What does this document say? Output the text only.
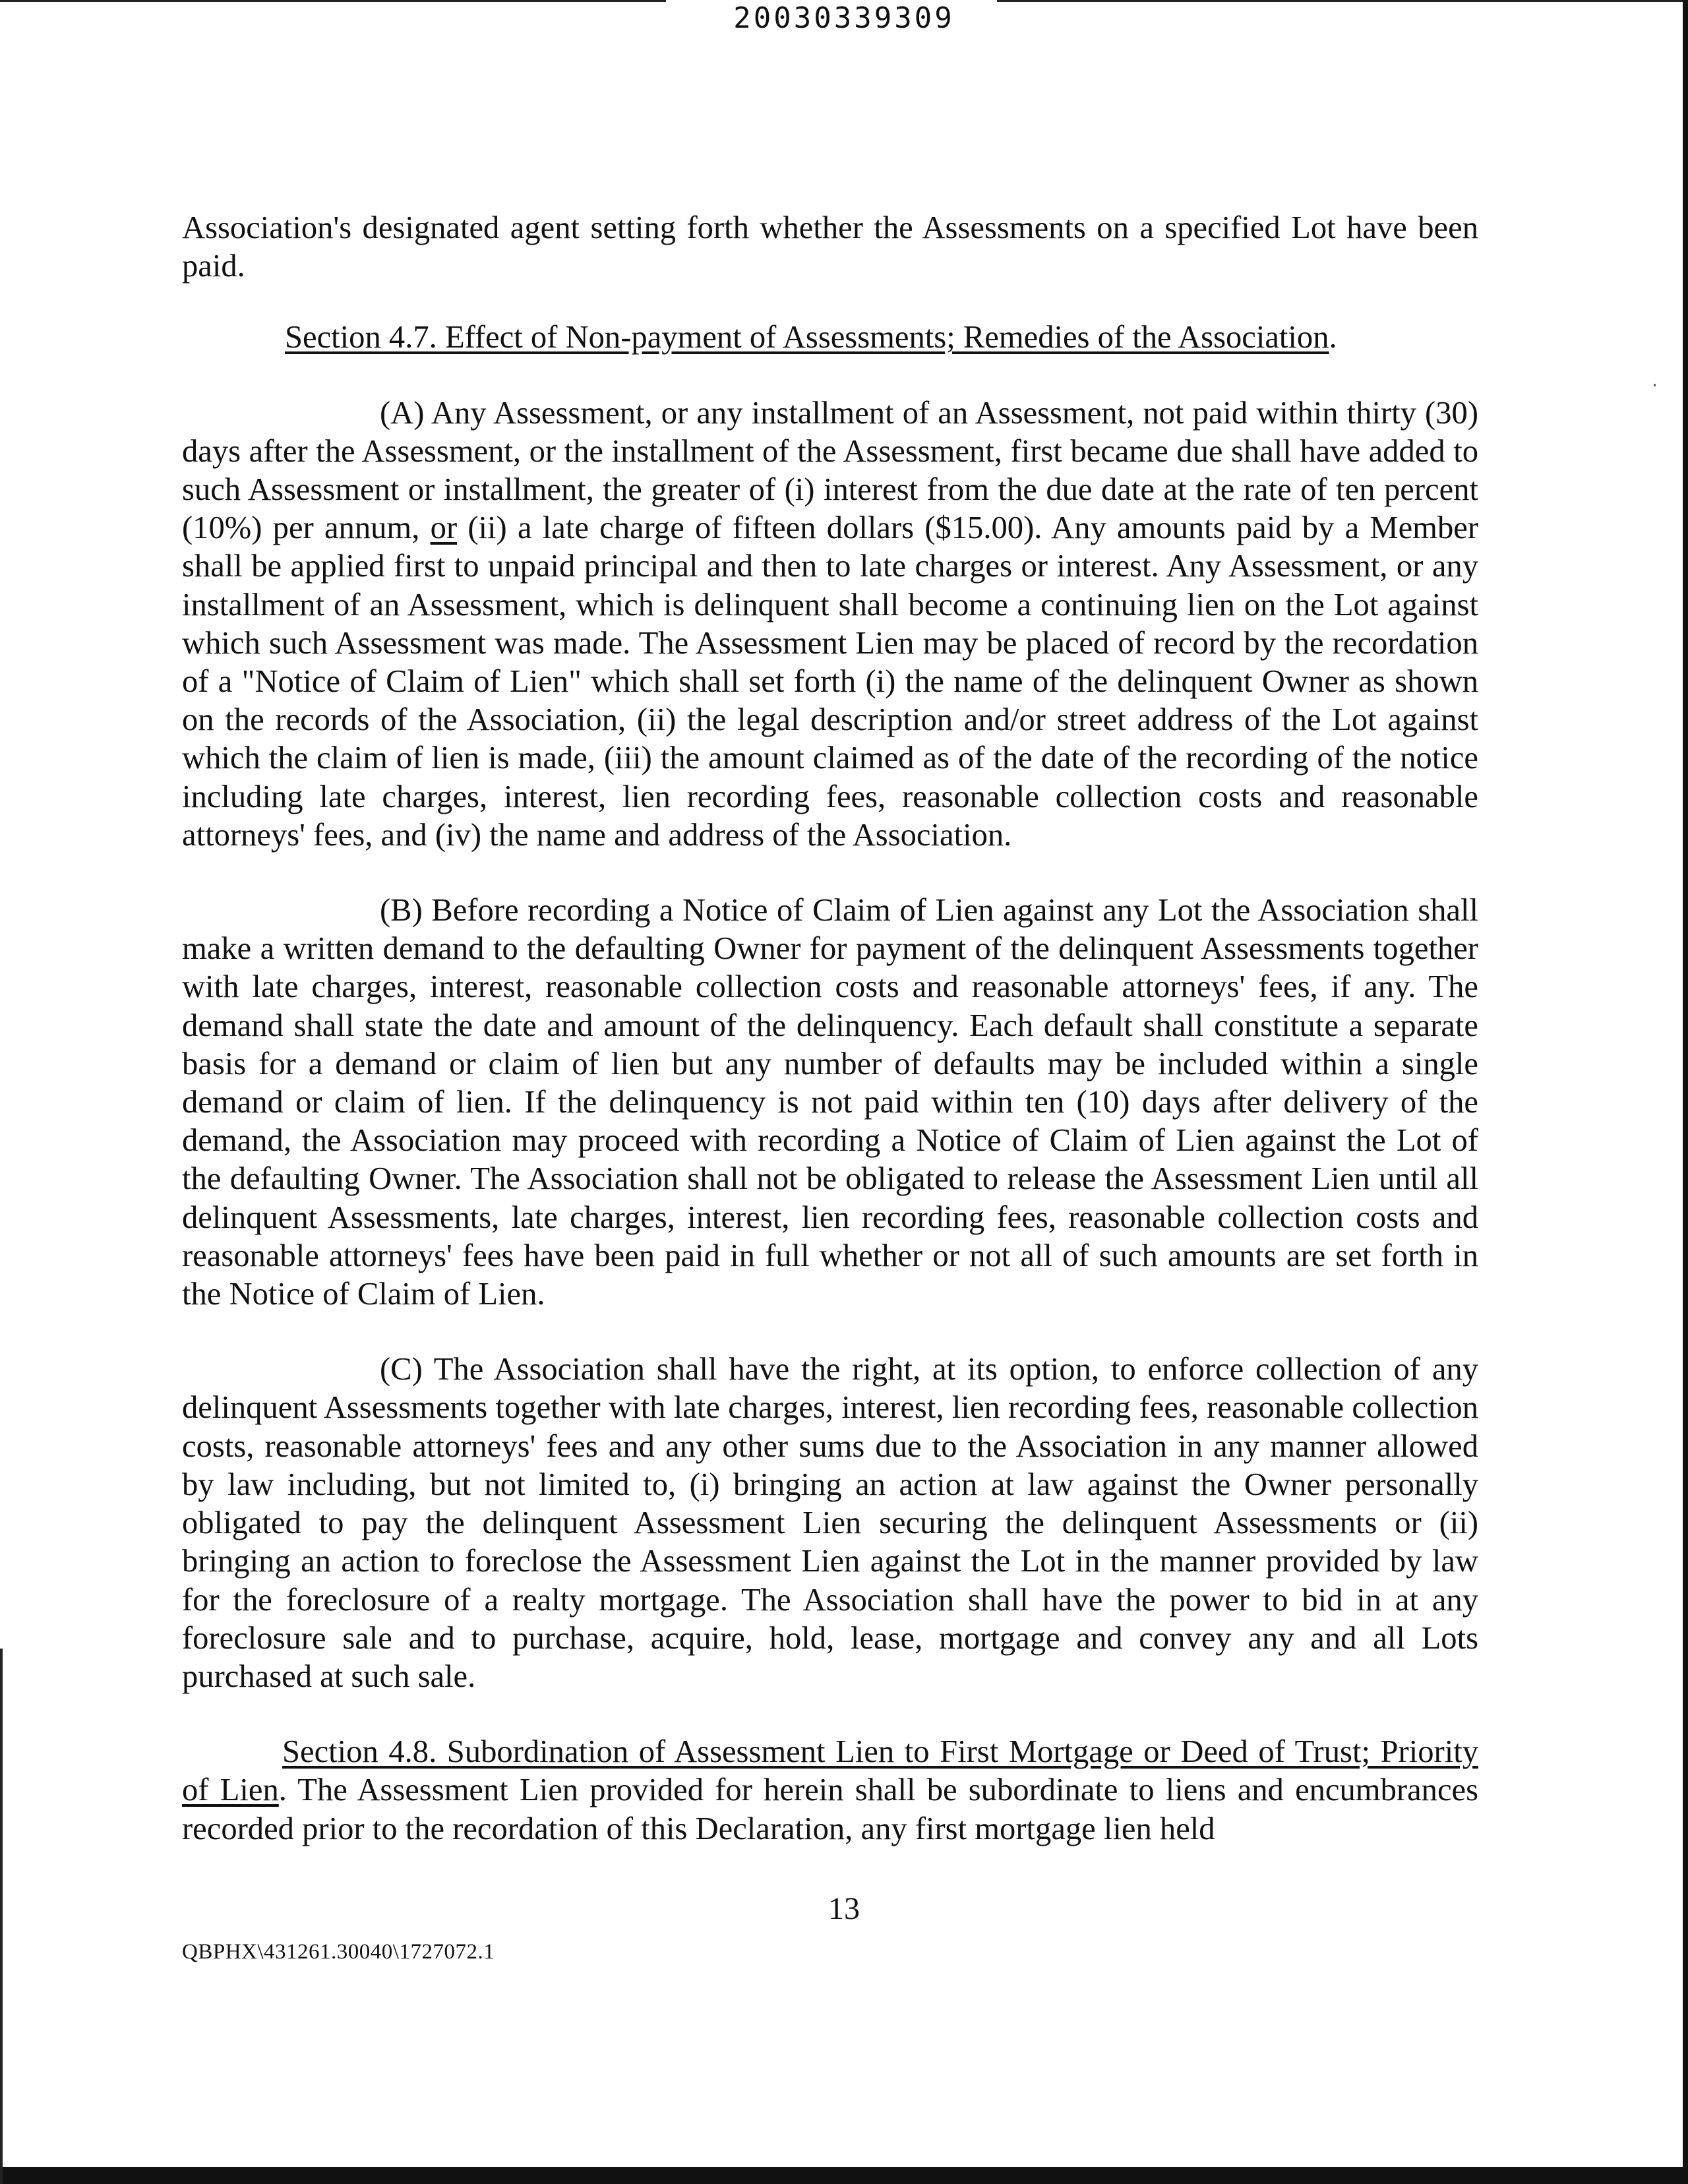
20030339309

Association's designated agent setting forth whether the Assessments on a specified Lot have been paid.

Section 4.7. Effect of Non-payment of Assessments; Remedies of the Association.

(A) Any Assessment, or any installment of an Assessment, not paid within thirty (30) days after the Assessment, or the installment of the Assessment, first became due shall have added to such Assessment or installment, the greater of (i) interest from the due date at the rate of ten percent (10%) per annum, or (ii) a late charge of fifteen dollars ($15.00). Any amounts paid by a Member shall be applied first to unpaid principal and then to late charges or interest. Any Assessment, or any installment of an Assessment, which is delinquent shall become a continuing lien on the Lot against which such Assessment was made. The Assessment Lien may be placed of record by the recordation of a "Notice of Claim of Lien" which shall set forth (i) the name of the delinquent Owner as shown on the records of the Association, (ii) the legal description and/or street address of the Lot against which the claim of lien is made, (iii) the amount claimed as of the date of the recording of the notice including late charges, interest, lien recording fees, reasonable collection costs and reasonable attorneys' fees, and (iv) the name and address of the Association.

(B) Before recording a Notice of Claim of Lien against any Lot the Association shall make a written demand to the defaulting Owner for payment of the delinquent Assessments together with late charges, interest, reasonable collection costs and reasonable attorneys' fees, if any. The demand shall state the date and amount of the delinquency. Each default shall constitute a separate basis for a demand or claim of lien but any number of defaults may be included within a single demand or claim of lien. If the delinquency is not paid within ten (10) days after delivery of the demand, the Association may proceed with recording a Notice of Claim of Lien against the Lot of the defaulting Owner. The Association shall not be obligated to release the Assessment Lien until all delinquent Assessments, late charges, interest, lien recording fees, reasonable collection costs and reasonable attorneys' fees have been paid in full whether or not all of such amounts are set forth in the Notice of Claim of Lien.

(C) The Association shall have the right, at its option, to enforce collection of any delinquent Assessments together with late charges, interest, lien recording fees, reasonable collection costs, reasonable attorneys' fees and any other sums due to the Association in any manner allowed by law including, but not limited to, (i) bringing an action at law against the Owner personally obligated to pay the delinquent Assessment Lien securing the delinquent Assessments or (ii) bringing an action to foreclose the Assessment Lien against the Lot in the manner provided by law for the foreclosure of a realty mortgage. The Association shall have the power to bid in at any foreclosure sale and to purchase, acquire, hold, lease, mortgage and convey any and all Lots purchased at such sale.

Section 4.8. Subordination of Assessment Lien to First Mortgage or Deed of Trust; Priority of Lien. The Assessment Lien provided for herein shall be subordinate to liens and encumbrances recorded prior to the recordation of this Declaration, any first mortgage lien held

13
QBPHX\431261.30040\1727072.1
